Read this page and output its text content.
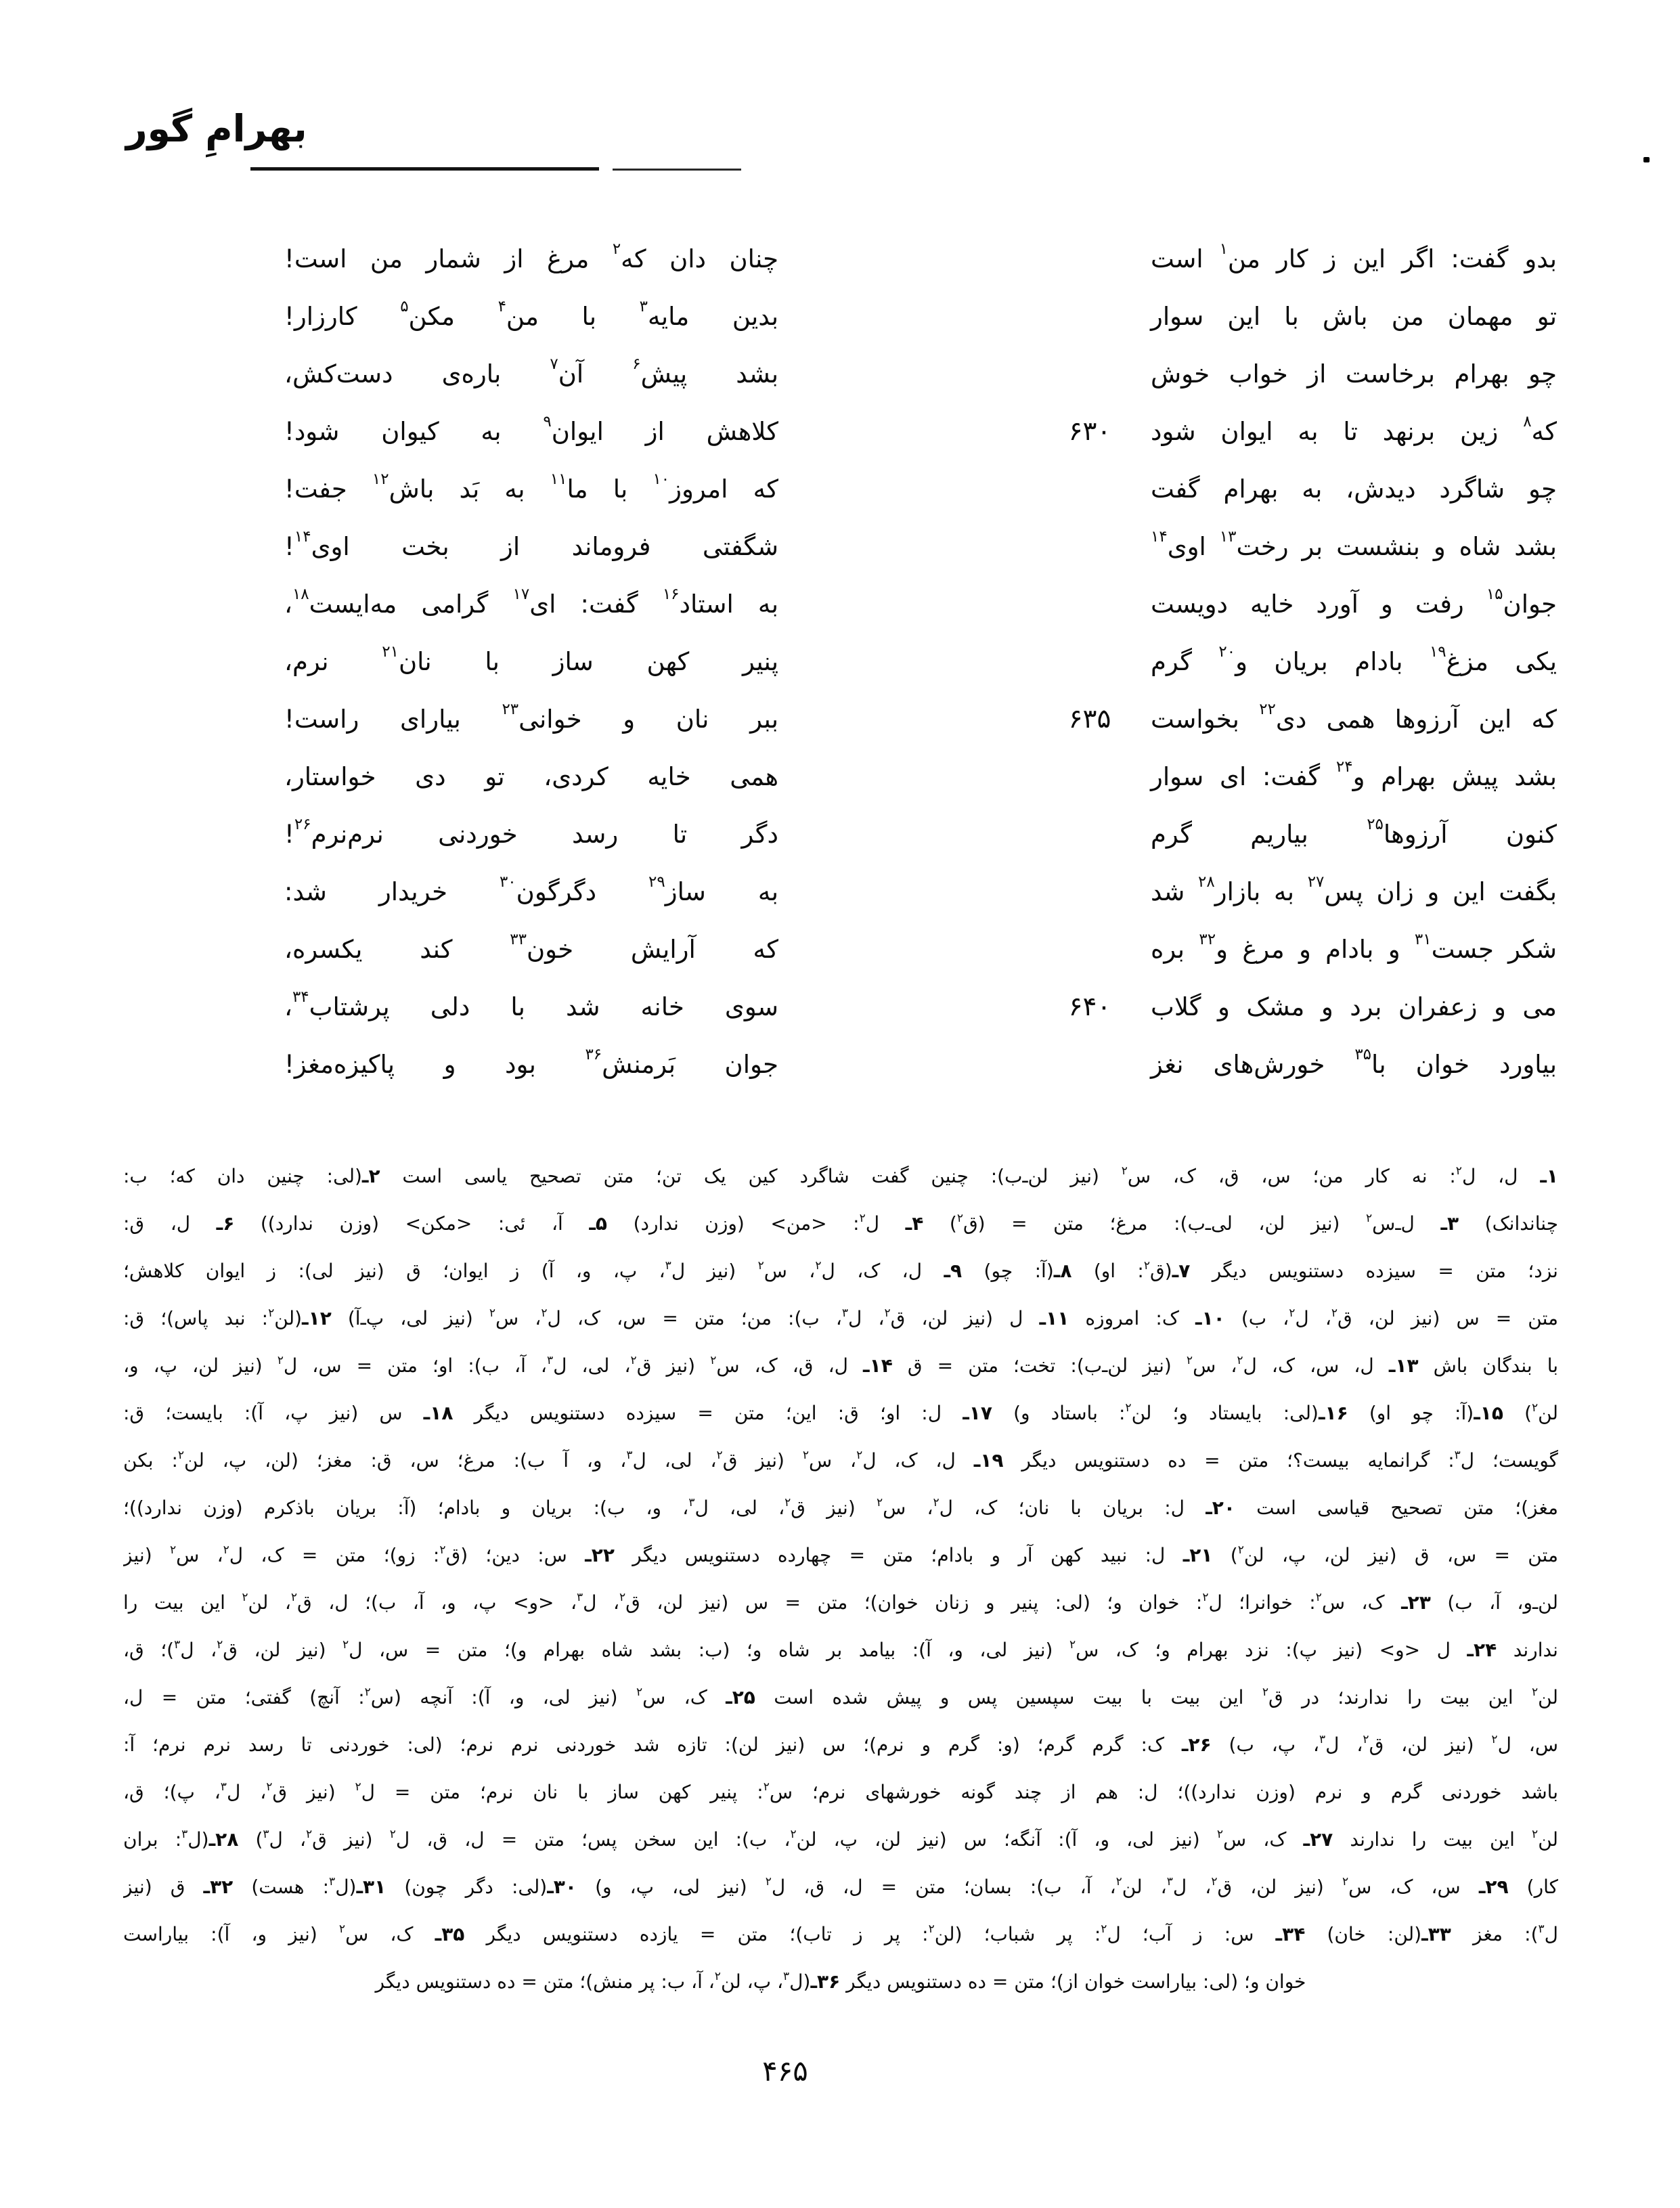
بهرامِ گور
بدو گفت: اگر این ز کار من$^۱$ است
چنان دان که$^۲$ مرغ از شمار من است!
تو مهمان من باش با این سوار
بدین مایه$^۳$ با من$^۴$ مکن$^۵$ کارزار!
چو بهرام برخاست از خواب خوش
بشد پیش$^۶$ آن$^۷$ باره‌ی دست‌کش،
که$^۸$ زین برنهد تا به ایوان شود
۶۳۰
کلاهش از ایوان$^۹$ به کیوان شود!
چو شاگرد دیدش، به بهرام گفت
که امروز$^{۱۰}$ با ما$^{۱۱}$ به بَد باش$^{۱۲}$ جفت!
بشد شاه و بنشست بر رخت$^{۱۳}$ اوی$^{۱۴}$
شگفتی فروماند از بخت اوی$^{۱۴}$!
جوان$^{۱۵}$ رفت و آورد خایه دویست
به استاد$^{۱۶}$ گفت: ای$^{۱۷}$ گرامی مه‌ایست$^{۱۸}$،
یکی مزغ$^{۱۹}$ بادام بریان و$^{۲۰}$ گرم
پنیر کهن ساز با نان$^{۲۱}$ نرم،
که این آرزوها همی دی$^{۲۲}$ بخواست
۶۳۵
ببر نان و خوانی$^{۲۳}$ بیارای راست!
بشد پیش بهرام و$^{۲۴}$ گفت: ای سوار
همی خایه کردی، تو دی خواستار،
کنون آرزوها$^{۲۵}$ بیاریم گرم
دگر تا رسد خوردنی نرم‌نرم$^{۲۶}$!
بگفت این و زان پس$^{۲۷}$ به بازار$^{۲۸}$ شد
به ساز$^{۲۹}$ دگرگون$^{۳۰}$ خریدار شد:
شکر جست$^{۳۱}$ و بادام و مرغ و$^{۳۲}$ بره
که آرایش خون$^{۳۳}$ کند یکسره،
می و زعفران برد و مشک و گلاب
۶۴۰
سوی خانه شد با دلی پرشتاب$^{۳۴}$،
بیاورد خوان با$^{۳۵}$ خورش‌های نغز
جوان بَرمنش$^{۳۶}$ بود و پاکیزه‌مغز!
۱ـ ل، ل$^۲$: نه کار من؛ س، ق، ک، س$^۲$ (نیز لن‌ـ‌ب): چنین گفت شاگرد کین یک تن؛ متن تصحیح یاسی است ۲ـ(لی: چنین دان که؛ ب:
چناندانک) ۳ـ ل‌ـ‌س$^۲$ (نیز لن، لی‌ـ‌ب): مرغ؛ متن = (ق$^۲$) ۴ـ ل$^۲$: <من> (وزن ندارد) ۵ـ آ، ئی: <مکن> (وزن ندارد)) ۶ـ ل، ق:
نزد؛ متن = سیزده دستنویس دیگر ۷ـ(ق$^۲$: او) ۸ـ(آ: چو) ۹ـ ل، ک، ل$^۲$، س$^۲$ (نیز ل$^۳$، پ، و، آ) ز ایوان؛ ق (نیز لی): ز ایوان کلاهش؛
متن = س (نیز لن، ق$^۲$، ل$^۲$، ب) ۱۰ـ ک: امروزه ۱۱ـ ل (نیز لن، ق$^۲$، ل$^۳$، ب): من؛ متن = س، ک، ل$^۲$، س$^۲$ (نیز لی، پ‌ـ‌آ) ۱۲ـ(لن$^۲$: نبد پاس)؛ ق:
با بندگان باش ۱۳ـ ل، س، ک، ل$^۲$، س$^۲$ (نیز لن‌ـ‌ب): تخت؛ متن = ق ۱۴ـ ل، ق، ک، س$^۲$ (نیز ق$^۲$، لی، ل$^۳$، آ، ب): او؛ متن = س، ل$^۲$ (نیز لن، پ، و،
لن$^۲$) ۱۵ـ(آ: چو او) ۱۶ـ(لی: بایستاد و؛ لن$^۲$: باستاد و) ۱۷ـ ل: او؛ ق: این؛ متن = سیزده دستنویس دیگر ۱۸ـ س (نیز پ، آ): بایست؛ ق:
گویست؛ ل$^۳$: گرانمایه بیست؟؛ متن = ده دستنویس دیگر ۱۹ـ ل، ک، ل$^۲$، س$^۲$ (نیز ق$^۲$، لی، ل$^۳$، و، آ ب): مرغ؛ س، ق: مغز؛ (لن، پ، لن$^۲$: بکن
مغز)؛ متن تصحیح قیاسی است ۲۰ـ ل: بریان با نان؛ ک، ل$^۲$، س$^۲$ (نیز ق$^۲$، لی، ل$^۳$، و، ب): بریان و بادام؛ (آ: بریان باذکرم (وزن ندارد))؛
متن = س، ق (نیز لن، پ، لن$^۲$) ۲۱ـ ل: نبید کهن آر و بادام؛ متن = چهارده دستنویس دیگر ۲۲ـ س: دین؛ (ق$^۲$: زو)؛ متن = ک، ل$^۲$، س$^۲$ (نیز
لن‌ـ‌و، آ، ب) ۲۳ـ ک، س$^۲$: خوانرا؛ ل$^۲$: خوان و؛ (لی: پنیر و زنان خوان)؛ متن = س (نیز لن، ق$^۲$، ل$^۳$، <و> پ، و، آ، ب)؛ ل، ق$^۲$، لن$^۲$ این بیت را
ندارند ۲۴ـ ل <و> (نیز پ): نزد بهرام و؛ ک، س$^۲$ (نیز لی، و، آ): بیامد بر شاه و؛ (ب: بشد شاه بهرام و)؛ متن = س، ل$^۲$ (نیز لن، ق$^۲$، ل$^۳$)؛ ق،
لن$^۲$ این بیت را ندارند؛ در ق$^۲$ این بیت با بیت سپسین پس و پیش شده است ۲۵ـ ک، س$^۲$ (نیز لی، و، آ): آنچه (س$^۲$: آنچ) گفتی؛ متن = ل،
س، ل$^۲$ (نیز لن، ق$^۲$، ل$^۳$، پ، ب) ۲۶ـ ک: گرم گرم؛ (و: گرم و نرم)؛ س (نیز لن): تازه شد خوردنی نرم نرم؛ (لی: خوردنی تا رسد نرم نرم؛ آ:
باشد خوردنی گرم و نرم (وزن ندارد))؛ ل: هم از چند گونه خورشهای نرم؛ س$^۲$: پنیر کهن ساز با نان نرم؛ متن = ل$^۲$ (نیز ق$^۲$، ل$^۳$، پ)؛ ق،
لن$^۲$ این بیت را ندارند ۲۷ـ ک، س$^۲$ (نیز لی، و، آ): آنگه؛ س (نیز لن، پ، لن$^۲$، ب): این سخن پس؛ متن = ل، ق، ل$^۲$ (نیز ق$^۲$، ل$^۳$) ۲۸ـ(ل$^۳$: بران
کار) ۲۹ـ س، ک، س$^۲$ (نیز لن، ق$^۲$، ل$^۳$، لن$^۲$، آ، ب): بسان؛ متن = ل، ق، ل$^۲$ (نیز لی، پ، و) ۳۰ـ(لی: دگر چون) ۳۱ـ(ل$^۳$: هست) ۳۲ـ ق (نیز
ل$^۳$): مغز ۳۳ـ(لن: خان) ۳۴ـ س: ز آب؛ ل$^۲$: پر شباب؛ (لن$^۲$: پر ز تاب)؛ متن = یازده دستنویس دیگر ۳۵ـ ک، س$^۲$ (نیز و، آ): بیاراست
خوان و؛ (لی: بیاراست خوان از)؛ متن = ده دستنویس دیگر ۳۶ـ(ل$^۳$، پ، لن$^۲$، آ، ب: پر منش)؛ متن = ده دستنویس دیگر
۴۶۵
